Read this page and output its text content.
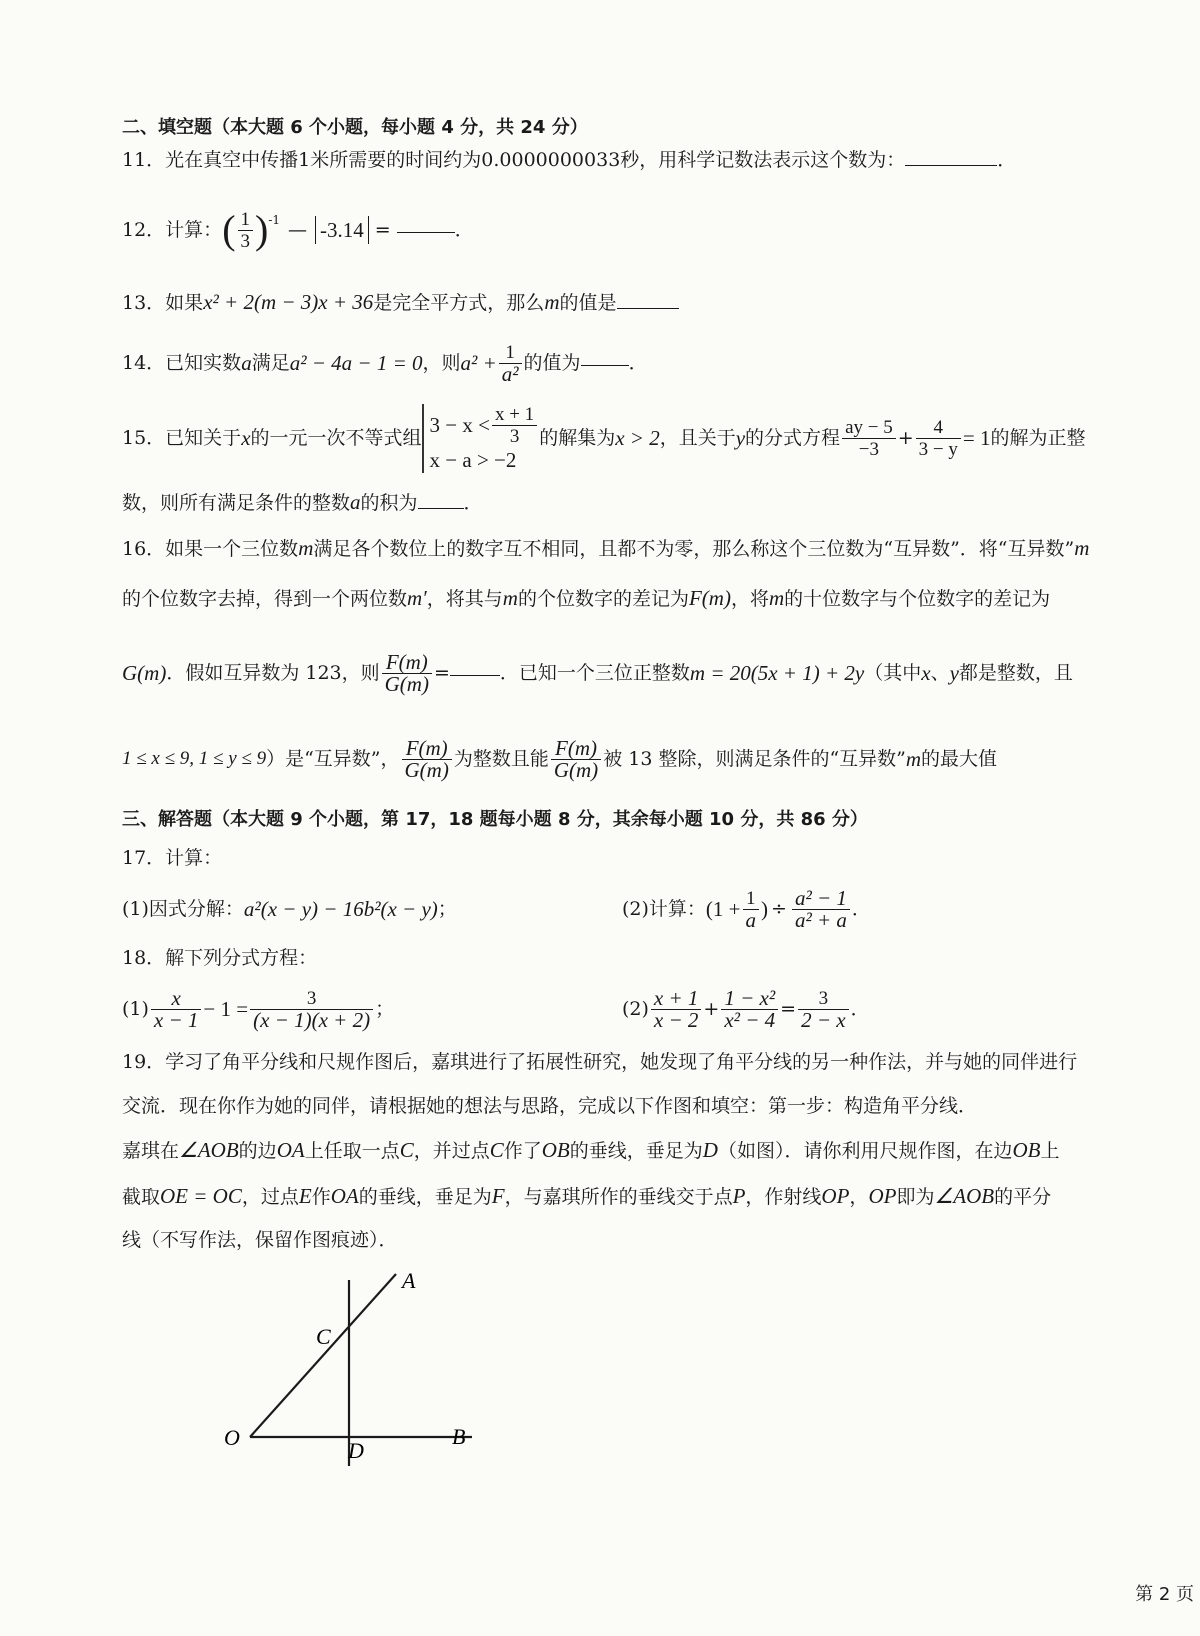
二、填空题（本大题 6 个小题，每小题 4 分，共 24 分）
11．光在真空中传播1米所需要的时间约为0.0000000033秒，用科学记数法表示这个数为：	．
12．计算： ( $\frac{1}{3} )^{-1}$ — -3.14 =	．
13．如果x² + 2(m − 3)x + 36是完全平方式，那么m的值是
14．已知实数 a 满足 a² − 4a − 1 = 0 ，则 $a^2 + \frac{1}{\text{a²}}$ 的值为	．
15．已知关于 x 的一元一次不等式组
$3 - x < \frac{x + 1}{3}$
x − a > −2
的解集为 x > 2 ，且关于 y 的分式方程 $\frac{ay - 5}{-3} + \frac{4}{3 - y} = 1$ 的解为正整
数，则所有满足条件的整数a的积为 ．
16．如果一个三位数m满足各个数位上的数字互不相同，且都不为零，那么称这个三位数为“互异数”．将“互异数”m
的个位数字去掉，得到一个两位数m′，将其与m的个位数字的差记为F(m)，将m的十位数字与个位数字的差记为
G(m) ．假如互异数为 123，则 $\frac{F(m)}{G(m)}$ =	．已知一个三位正整数 m = 20(5x + 1) + 2y （其中 x 、 y 都是整数，且
1 ≤ x ≤ 9, 1 ≤ y ≤ 9 ）是“互异数”， $\frac{F(m)}{G(m)}$ 为整数且能 $\frac{F(m)}{G(m)}$ 被 13 整除，则满足条件的“互异数” m 的最大值
三、解答题（本大题 9 个小题，第 17，18 题每小题 8 分，其余每小题 10 分，共 86 分）
17．计算：
(1)因式分解： a²(x − y) − 16b²(x − y) ；	(2)计算： ($1 + \frac{1}{a}$ ) ÷ $\frac{\text{a² − 1}}{\text{a² + a}}$ ．
18．解下列分式方程：
$(1) \frac{x}{x - 1} - 1 = \frac{3}{(x - 1)(x + 2)}$ ；	$(2) \frac{x + 1}{x - 2} + \frac{\text{1 − x²}}{\text{x² − 4}} = \frac{3}{2 - x}$ ．
19．学习了角平分线和尺规作图后，嘉琪进行了拓展性研究，她发现了角平分线的另一种作法，并与她的同伴进行
交流．现在你作为她的同伴，请根据她的想法与思路，完成以下作图和填空：第一步：构造角平分线．
嘉琪在∠AOB的边OA上任取一点C，并过点C作了OB的垂线，垂足为D（如图）．请你利用尺规作图，在边OB上
截取OE = OC，过点E作OA的垂线，垂足为F，与嘉琪所作的垂线交于点P，作射线OP，OP即为∠AOB的平分
线（不写作法，保留作图痕迹）．
A
B
C
D
O
第 2 页
